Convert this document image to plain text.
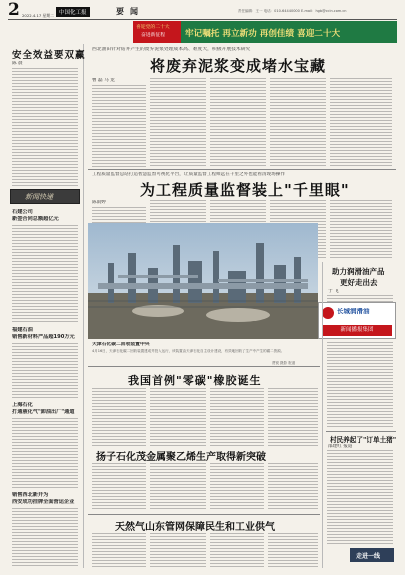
2 2022.4.17 星期二 中国化工报	要闻	责任编辑：王一 电话：010-64440000 E-mail：hgb@ccin.com.cn
喜迎党的二十大
奋进新征程	牢记嘱托 再立新功 再创佳绩 喜迎二十大
安全效益要双赢
陈 晨
新闻快递
石建公司
新签合同总额超亿元
福建石油
销售新材料产品超190万元
上海石化
打通液化气"卸油出厂"通道
销售西北新开为
西安成功挂牌全面营运企业
西北油田针对钻井产生的废弃泥浆处理成本高、难度大，积极开展技术研究
将废弃泥浆变成堵水宝藏
曹 磊 马 龙
工程质量监督总站打造智慧监督可视化平台，让质量监督工程师远在千里之外也能看清现场操作
为工程质量监督装上"千里眼"
陈雨婷
长城润滑油
新闻播报集团
天津石化碳二回收装置中央
4月16日，天津石化碳二回收装置建成并投入运行，该装置由天津石化自主设计建设，有效地回收了生产中产生的碳二资源。
贾锐 摄影 报道
助力润滑油产品
更好走出去
于 飞
村民养起了"订单土猪"
邵建红 报道
走进一线
我国首例"零碳"橡胶诞生
扬子石化茂金属聚乙烯生产取得新突破
天然气山东管网保障民生和工业供气
